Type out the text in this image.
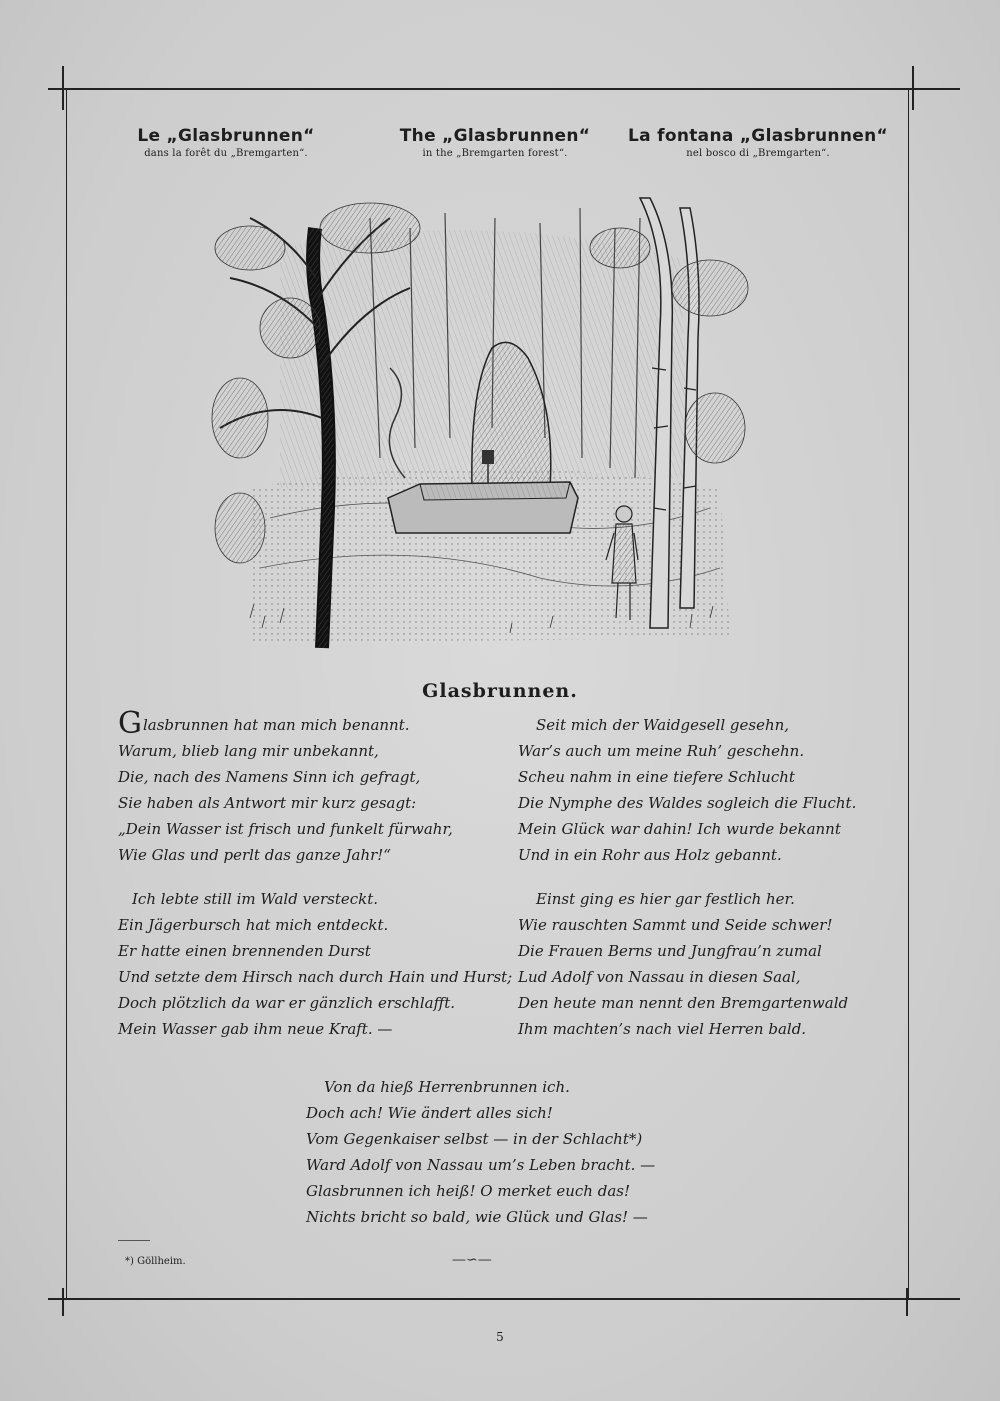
Le „Glasbrunnen“
dans la forêt du „Bremgarten“.
The „Glasbrunnen“
in the „Bremgarten forest“.
La fontana „Glasbrunnen“
nel bosco di „Bremgarten“.
Glasbrunnen.
Glasbrunnen hat man mich benannt.
Warum, blieb lang mir unbekannt,
Die, nach des Namens Sinn ich gefragt,
Sie haben als Antwort mir kurz gesagt:
„Dein Wasser ist frisch und funkelt fürwahr,
Wie Glas und perlt das ganze Jahr!“
Ich lebte still im Wald versteckt.
Ein Jägerbursch hat mich entdeckt.
Er hatte einen brennenden Durst
Und setzte dem Hirsch nach durch Hain und Hurst;
Doch plötzlich da war er gänzlich erschlafft.
Mein Wasser gab ihm neue Kraft. —
Seit mich der Waidgesell gesehn,
War’s auch um meine Ruh’ geschehn.
Scheu nahm in eine tiefere Schlucht
Die Nymphe des Waldes sogleich die Flucht.
Mein Glück war dahin! Ich wurde bekannt
Und in ein Rohr aus Holz gebannt.
Einst ging es hier gar festlich her.
Wie rauschten Sammt und Seide schwer!
Die Frauen Berns und Jungfrau’n zumal
Lud Adolf von Nassau in diesen Saal,
Den heute man nennt den Bremgartenwald
Ihm machten’s nach viel Herren bald.
Von da hieß Herrenbrunnen ich.
Doch ach! Wie ändert alles sich!
Vom Gegenkaiser selbst — in der Schlacht*)
Ward Adolf von Nassau um’s Leben bracht. —
Glasbrunnen ich heiß! O merket euch das!
Nichts bricht so bald, wie Glück und Glas! —
*) Göllheim.	—∽—
5
